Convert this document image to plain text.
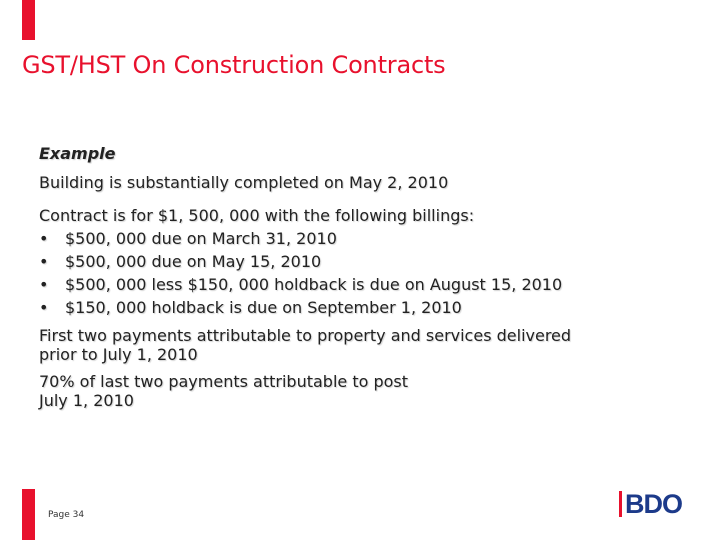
GST/HST On Construction Contracts

Example

Building is substantially completed on May 2, 2010

Contract is for $1, 500, 000 with the following billings:

• $500, 000 due on March 31, 2010
• $500, 000 due on May 15, 2010
• $500, 000 less $150, 000 holdback is due on August 15, 2010
• $150, 000 holdback is due on September 1, 2010
First two payments attributable to property and services delivered
prior to July 1, 2010
70% of last two payments attributable to post
July 1, 2010
Page 34	BDO
